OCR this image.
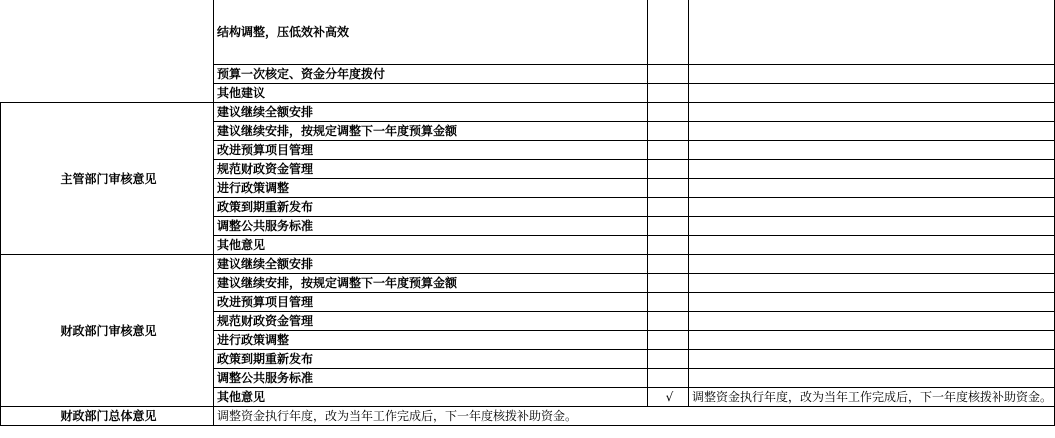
	结构调整，压低效补高效		
	预算一次核定、资金分年度拨付		
	其他建议		
主管部门审核意见	建议继续全额安排		
	建议继续安排，按规定调整下一年度预算金额		
	改进预算项目管理		
	规范财政资金管理		
	进行政策调整		
	政策到期重新发布		
	调整公共服务标准		
	其他意见		
财政部门审核意见	建议继续全额安排		
	建议继续安排，按规定调整下一年度预算金额		
	改进预算项目管理		
	规范财政资金管理		
	进行政策调整		
	政策到期重新发布		
	调整公共服务标准		
	其他意见	√	调整资金执行年度，改为当年工作完成后，下一年度核拨补助资金。
财政部门总体意见	调整资金执行年度，改为当年工作完成后，下一年度核拨补助资金。		
